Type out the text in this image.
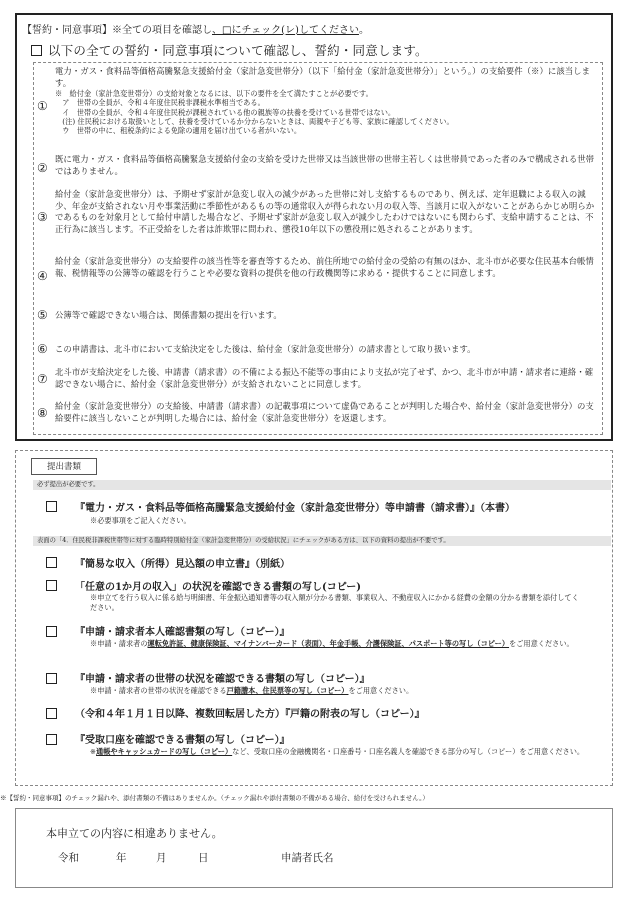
【誓約・同意事項】※全ての項目を確認し、□にチェック(レ)してください。
以下の全ての誓約・同意事項について確認し、誓約・同意します。
①
電力・ガス・食料品等価格高騰緊急支援給付金（家計急変世帯分）（以下「給付金（家計急変世帯分）」という。）の支給要件（※）に該当します。
※　給付金（家計急変世帯分）の支給対象となるには、以下の要件を全て満たすことが必要です。
　ア　世帯の全員が、令和４年度住民税非課税水準相当である。
　イ　世帯の全員が、令和４年度住民税が課税されている他の親族等の扶養を受けている世帯ではない。
　(注) 住民税における取扱いとして、扶養を受けているか分からないときは、両親や子ども等、家族に確認してください。
　ウ　世帯の中に、租税条約による免除の適用を届け出ている者がいない。
②
既に電力・ガス・食料品等価格高騰緊急支援給付金の支給を受けた世帯又は当該世帯の世帯主若しくは世帯員であった者のみで構成される世帯ではありません。
③
給付金（家計急変世帯分）は、予期せず家計が急変し収入の減少があった世帯に対し支給するものであり、例えば、定年退職による収入の減少、年金が支給されない月や事業活動に季節性があるもの等の通常収入が得られない月の収入等、当該月に収入がないことがあらかじめ明らかであるものを対象月として給付申請した場合など、予期せず家計が急変し収入が減少したわけではないにも関わらず、支給申請することは、不正行為に該当します。不正受給をした者は詐欺罪に問われ、懲役10年以下の懲役刑に処されることがあります。
④
給付金（家計急変世帯分）の支給要件の該当性等を審査等するため、前住所地での給付金の受給の有無のほか、北斗市が必要な住民基本台帳情報、税情報等の公簿等の確認を行うことや必要な資料の提供を他の行政機関等に求める・提供することに同意します。
⑤ 公簿等で確認できない場合は、関係書類の提出を行います。
⑥ この申請書は、北斗市において支給決定をした後は、給付金（家計急変世帯分）の請求書として取り扱います。
⑦ 北斗市が支給決定をした後、申請書（請求書）の不備による振込不能等の事由により支払が完了せず、かつ、北斗市が申請・請求者に連絡・確認できない場合に、給付金（家計急変世帯分）が支給されないことに同意します。
⑧ 給付金（家計急変世帯分）の支給後、申請書（請求書）の記載事項について虚偽であることが判明した場合や、給付金（家計急変世帯分）の支給要件に該当しないことが判明した場合には、給付金（家計急変世帯分）を返還します。
提出書類
必ず提出が必要です。
『電力・ガス・食料品等価格高騰緊急支援給付金（家計急変世帯分）等申請書（請求書）』（本書）
※必要事項をご記入ください。
表面の「4．住民税非課税世帯等に対する臨時特別給付金（家計急変世帯分）の受給状況」にチェックがある方は、以下の資料の提出が不要です。
『簡易な収入（所得）見込額の申立書』（別紙）
「任意の1か月の収入」の状況を確認できる書類の写し(コピー)
※申立てを行う収入に係る給与明細書、年金振込通知書等の収入額が分かる書類、事業収入、不動産収入にかかる経費の金額の分かる書類を添付してください。
『申請・請求者本人確認書類の写し（コピー）』
※申請・請求者の運転免許証、健康保険証、マイナンバーカード（表面）、年金手帳、介護保険証、パスポート等の写し（コピー）をご用意ください。
『申請・請求者の世帯の状況を確認できる書類の写し（コピー）』
※申請・請求者の世帯の状況を確認できる戸籍謄本、住民票等の写し（コピー）をご用意ください。
（令和４年１月１日以降、複数回転居した方）『戸籍の附表の写し（コピー）』
『受取口座を確認できる書類の写し（コピー）』
※通帳やキャッシュカードの写し（コピー）など、受取口座の金融機関名・口座番号・口座名義人を確認できる部分の写し（コピー）をご用意ください。
※【誓約・同意事項】のチェック漏れや、添付書類の不備はありませんか。（チェック漏れや添付書類の不備がある場合、給付を受けられません。）
本申立ての内容に相違ありません。
令和	年	月	日	申請者氏名
